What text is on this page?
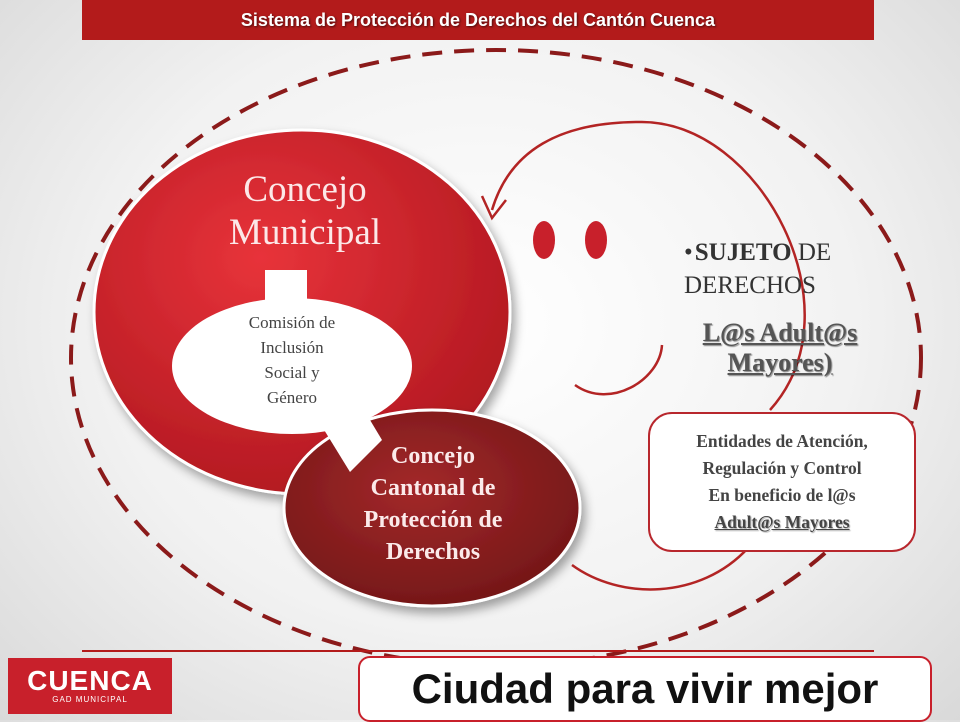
Sistema de Protección de Derechos del Cantón Cuenca
Concejo
Municipal
Comisión de
Inclusión
Social y
Género
Concejo
Cantonal de
Protección de
Derechos
•SUJETO DE
DERECHOS
L@s Adult@s
Mayores)
Entidades de Atención,
Regulación y Control
En beneficio de l@s
Adult@s Mayores
CUENCA
GAD MUNICIPAL	Ciudad para vivir mejor
